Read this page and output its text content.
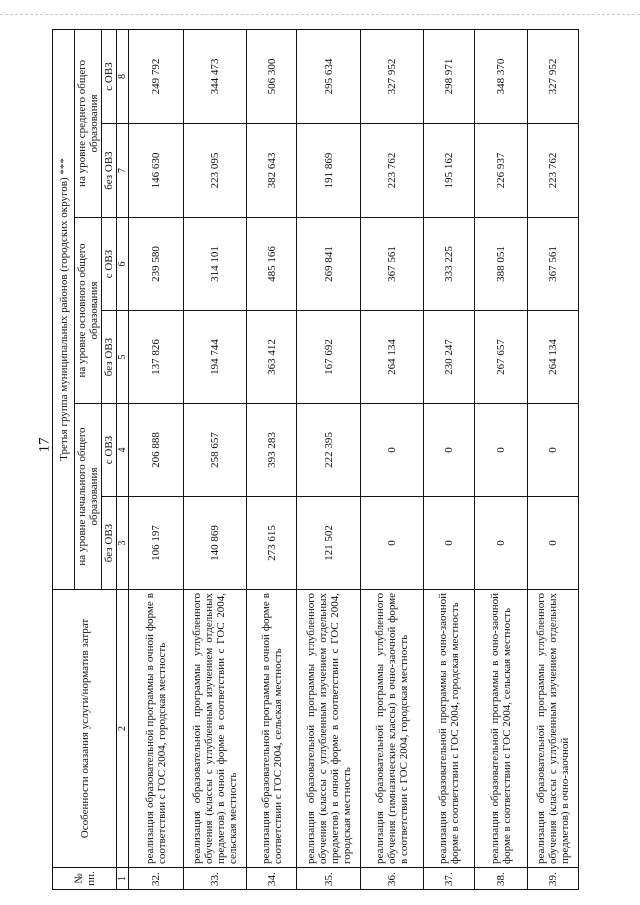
17
№ пп.	Особенности оказания услуги/норматив затрат	Третья группа муниципальных районов (городских округов) ***					
		на уровне начального общего образования		на уровне основного общего образования		на уровне среднего общего образования	
		без ОВЗ	с ОВЗ	без ОВЗ	с ОВЗ	без ОВЗ	с ОВЗ
1	2	3	4	5	6	7	8
32.	реализация образовательной программы в очной форме в соответствии с ГОС 2004, городская местность	106 197	206 888	137 826	239 580	146 630	249 792
33.	реализация образовательной программы углубленного обучения (классы с углубленным изучением отдельных предметов) в очной форме в соответствии с ГОС 2004, сельская местность	140 869	258 657	194 744	314 101	223 095	344 473
34.	реализация образовательной программы в очной форме в соответствии с ГОС 2004, сельская местность	273 615	393 283	363 412	485 166	382 643	506 300
35.	реализация образовательной программы углубленного обучения (классы с углубленным изучением отдельных предметов) в очной форме в соответствии с ГОС 2004, городская местность	121 502	222 395	167 692	269 841	191 869	295 634
36.	реализация образовательной программы углубленного обучения (гимназические классы) в очно-заочной форме в соответствии с ГОС 2004, городская местность	0	0	264 134	367 561	223 762	327 952
37.	реализация образовательной программы в очно-заочной форме в соответствии с ГОС 2004, городская местность	0	0	230 247	333 225	195 162	298 971
38.	реализация образовательной программы в очно-заочной форме в соответствии с ГОС 2004, сельская местность	0	0	267 657	388 051	226 937	348 370
39.	реализация образовательной программы углубленного обучения (классы с углубленным изучением отдельных предметов) в очно-заочной	0	0	264 134	367 561	223 762	327 952
